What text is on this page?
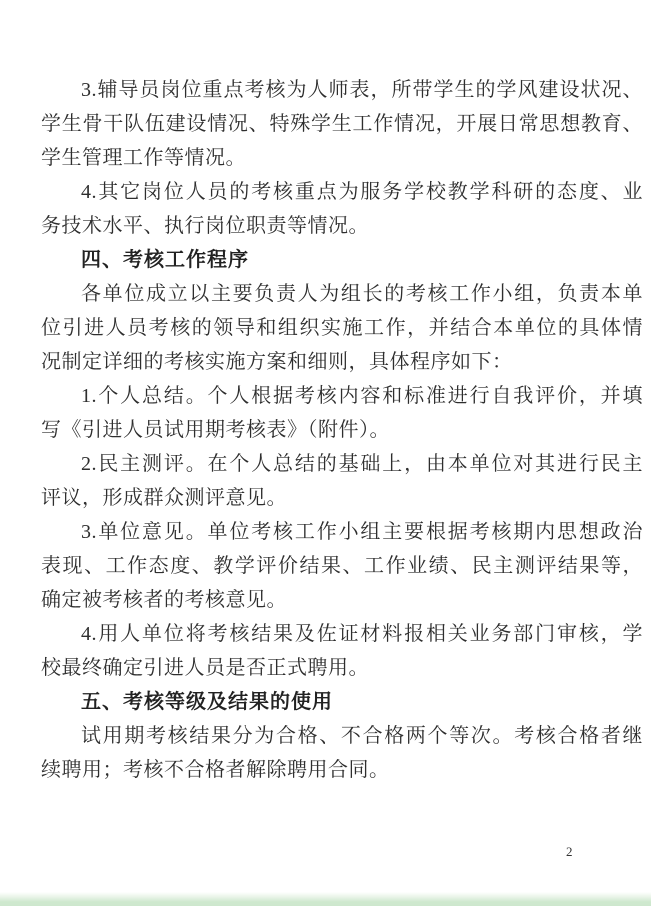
3.辅导员岗位重点考核为人师表，所带学生的学风建设状况、
学生骨干队伍建设情况、特殊学生工作情况，开展日常思想教育、
学生管理工作等情况。
4.其它岗位人员的考核重点为服务学校教学科研的态度、业
务技术水平、执行岗位职责等情况。
四、考核工作程序
各单位成立以主要负责人为组长的考核工作小组，负责本单
位引进人员考核的领导和组织实施工作，并结合本单位的具体情
况制定详细的考核实施方案和细则，具体程序如下：
1.个人总结。个人根据考核内容和标准进行自我评价，并填
写《引进人员试用期考核表》（附件）。
2.民主测评。在个人总结的基础上，由本单位对其进行民主
评议，形成群众测评意见。
3.单位意见。单位考核工作小组主要根据考核期内思想政治
表现、工作态度、教学评价结果、工作业绩、民主测评结果等，
确定被考核者的考核意见。
4.用人单位将考核结果及佐证材料报相关业务部门审核，学
校最终确定引进人员是否正式聘用。
五、考核等级及结果的使用
试用期考核结果分为合格、不合格两个等次。考核合格者继
续聘用；考核不合格者解除聘用合同。
2
